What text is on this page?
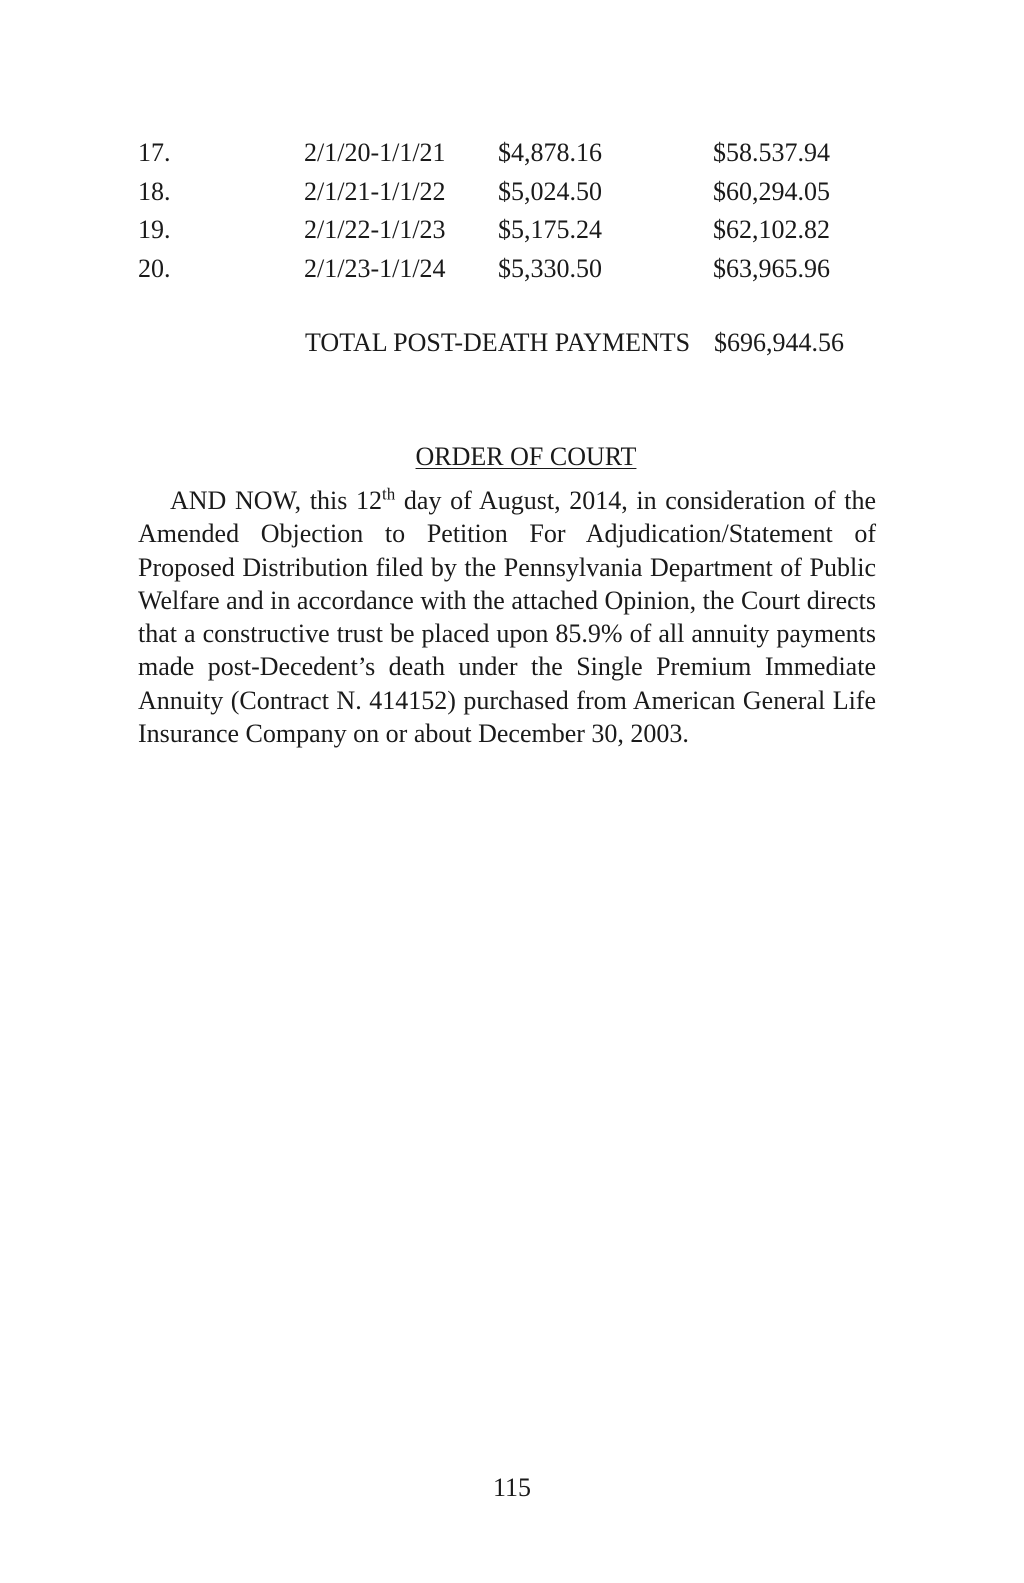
17.	2/1/20-1/1/21 $4,878.16	$58.537.94
18.	2/1/21-1/1/22 $5,024.50	$60,294.05
19.	2/1/22-1/1/23 $5,175.24	$62,102.82
20.	2/1/23-1/1/24 $5,330.50	$63,965.96
TOTAL POST-DEATH PAYMENTS $696,944.56
ORDER OF COURT

AND NOW, this 12th day of August, 2014, in consideration of the Amended Objection to Petition For Adjudication/Statement of Proposed Distribution filed by the Pennsylvania Department of Public Welfare and in accordance with the attached Opinion, the Court directs that a constructive trust be placed upon 85.9% of all annuity payments made post-Decedent’s death under the Single Premium Immediate Annuity (Contract N. 414152) purchased from American General Life Insurance Company on or about December 30, 2003.

115
